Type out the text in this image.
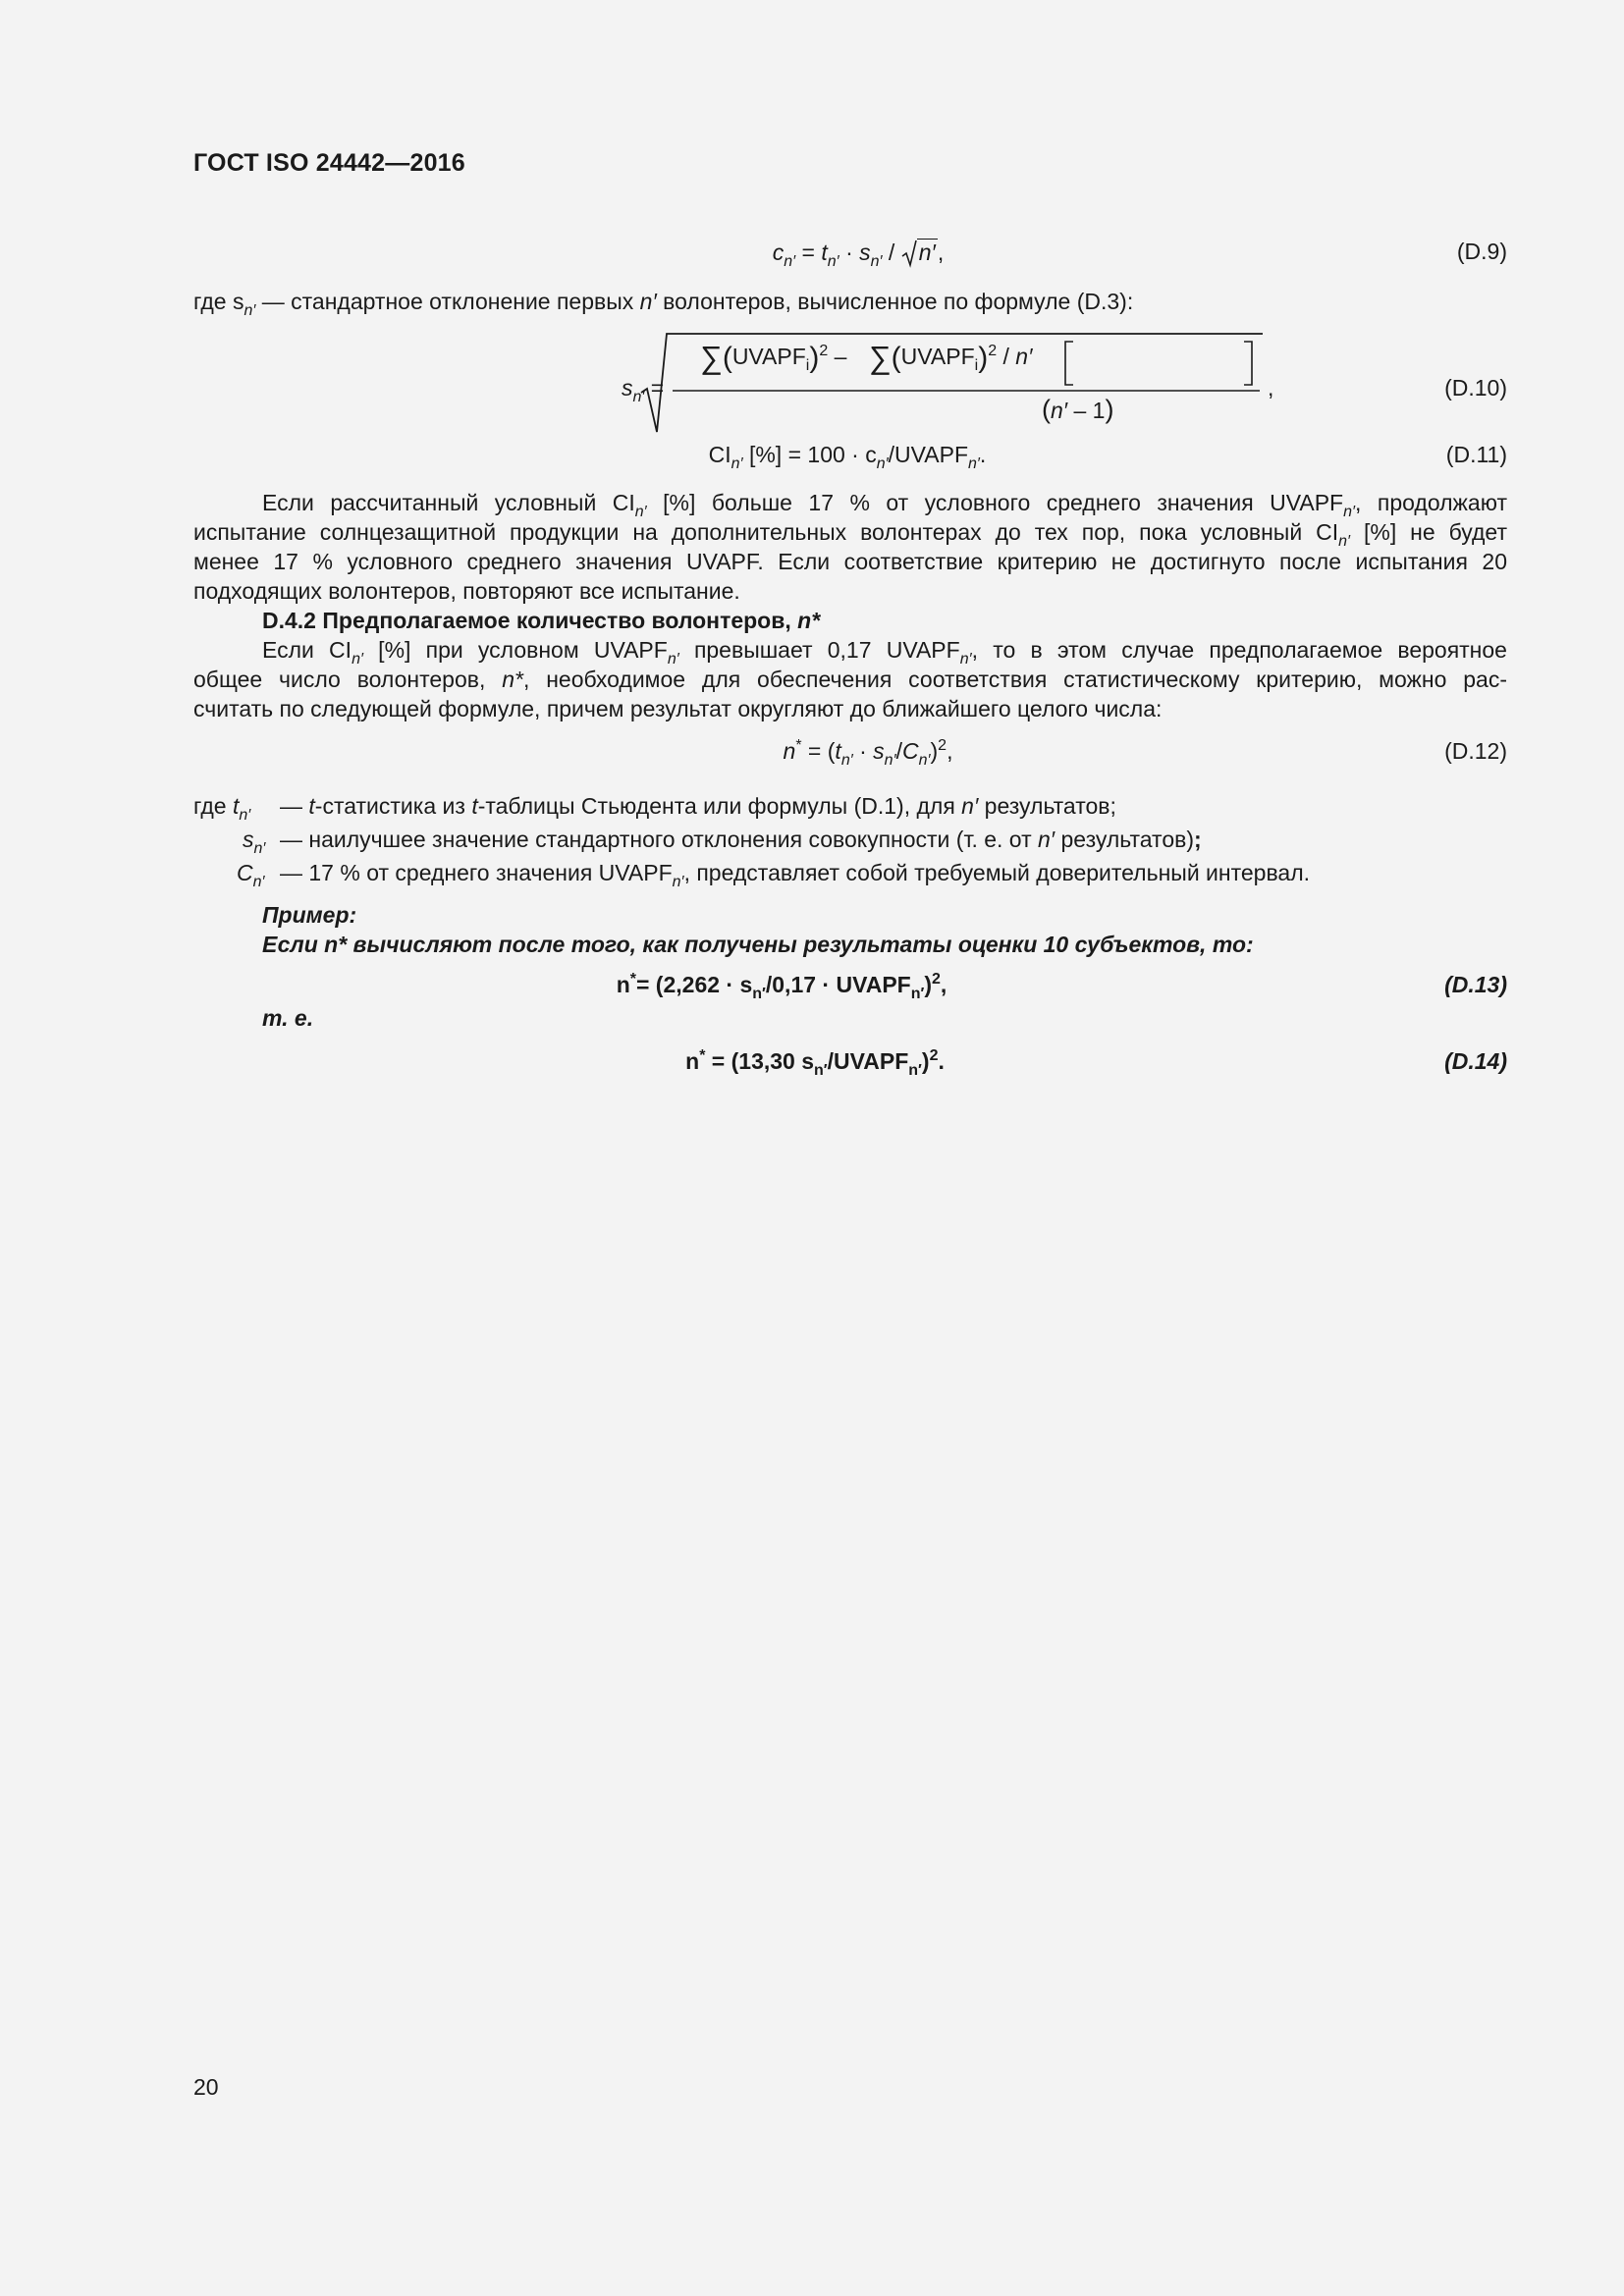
ГОСТ ISO 24442—2016
$c_{n'} = t_{n'} \cdot s_{n'} / n'$,	(D.9)
где $s_{n'}$ — стандартное отклонение первых n′ волонтеров, вычисленное по формуле (D.3):
$s_{n'}$ =
$\sum(UVAPF_i)^2$ – $\sum(UVAPF_i)^2 / n'$
(n′ – 1)
,	(D.10)
$CI_{n'}$ [%] = $100 \cdot c_{n'}/UVAPF_{n'}$.	(D.11)
Если рассчитанный условный $CI_{n'}$ [%] больше 17 % от условного среднего значения $UVAPF_{n'}$, продолжают
испытание солнцезащитной продукции на дополнительных волонтерах до тех пор, пока условный $CI_{n'}$ [%] не будет
менее 17 % условного среднего значения UVAPF. Если соответствие критерию не достигнуто после испытания 20
подходящих волонтеров, повторяют все испытание.
D.4.2 Предполагаемое количество волонтеров, n*
Если $CI_{n'}$ [%] при условном $UVAPF_{n'}$ превышает 0,17 $UVAPF_{n'}$, то в этом случае предполагаемое вероятное
общее число волонтеров, n*, необходимое для обеспечения соответствия статистическому критерию, можно рас-
считать по следующей формуле, причем результат округляют до ближайшего целого числа:
$n^* = (t_{n'} \cdot s_{n'}/C_{n'})^2$,	(D.12)
где $t_{n'}$ — t-статистика из t-таблицы Стьюдента или формулы (D.1), для n′ результатов;
$s_{n'}$ — наилучшее значение стандартного отклонения совокупности (т. е. от n′ результатов);
$C_{n'}$ — 17 % от среднего значения $UVAPF_{n'}$, представляет собой требуемый доверительный интервал.
Пример:
Если n* вычисляют после того, как получены результаты оценки 10 субъектов, то:
$n^*= (2,262 \cdot s_{n'}/0,17$ · $UVAPF_{n'})^2$,	(D.13)
т. е.
n* = (13,30 $s_{n'}/UVAPF_{n'})^2$.	(D.14)
20
